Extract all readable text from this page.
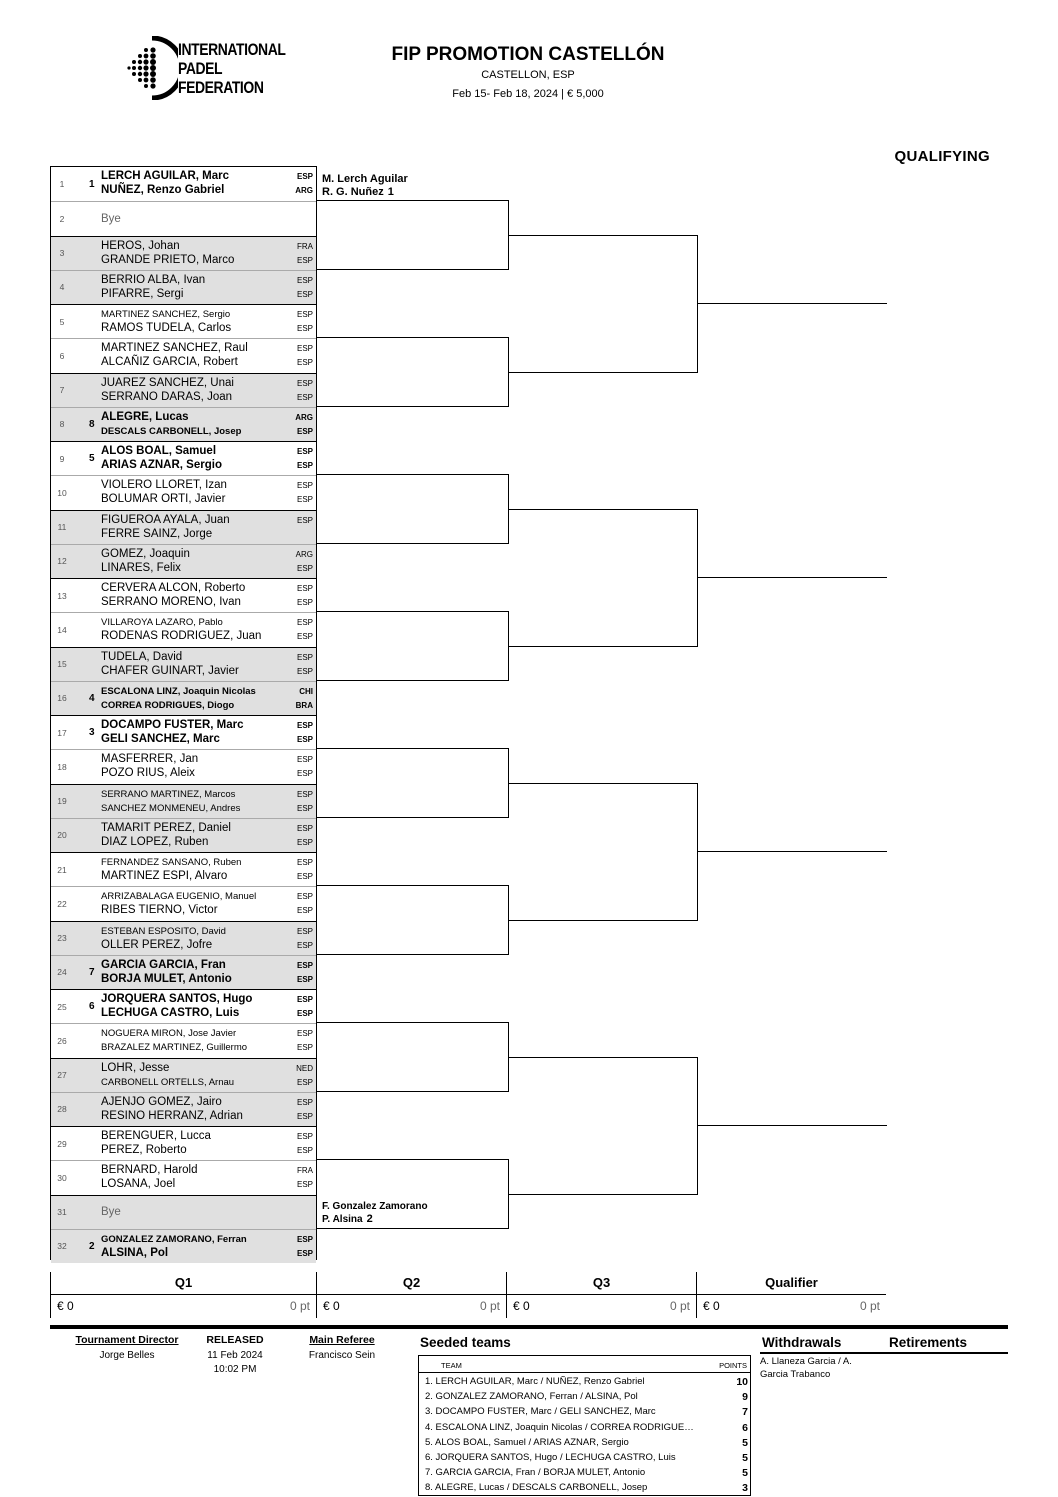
INTERNATIONAL
PADEL
FEDERATION
FIP PROMOTION CASTELLÓN
CASTELLON, ESP
Feb 15- Feb 18, 2024 | € 5,000
QUALIFYING
1	1
LERCH AGUILAR, Marc	ESP
NUÑEZ, Renzo Gabriel	ARG
2	Bye
3
HEROS, Johan	FRA
GRANDE PRIETO, Marco	ESP
4
BERRIO ALBA, Ivan	ESP
PIFARRE, Sergi	ESP
5
MARTINEZ SANCHEZ, Sergio	ESP
RAMOS TUDELA, Carlos	ESP
6
MARTINEZ SANCHEZ, Raul	ESP
ALCAÑIZ GARCIA, Robert	ESP
7
JUAREZ SANCHEZ, Unai	ESP
SERRANO DARAS, Joan	ESP
8	8
ALEGRE, Lucas	ARG
DESCALS CARBONELL, Josep	ESP
9	5
ALOS BOAL, Samuel	ESP
ARIAS AZNAR, Sergio	ESP
10
VIOLERO LLORET, Izan	ESP
BOLUMAR ORTI, Javier	ESP
11
FIGUEROA AYALA, Juan	ESP
FERRE SAINZ, Jorge
12
GOMEZ, Joaquin	ARG
LINARES, Felix	ESP
13
CERVERA ALCON, Roberto	ESP
SERRANO MORENO, Ivan	ESP
14
VILLAROYA LAZARO, Pablo	ESP
RODENAS RODRIGUEZ, Juan	ESP
15
TUDELA, David	ESP
CHAFER GUINART, Javier	ESP
16	4
ESCALONA LINZ, Joaquin Nicolas	CHI
CORREA RODRIGUES, Diogo	BRA
17	3
DOCAMPO FUSTER, Marc	ESP
GELI SANCHEZ, Marc	ESP
18
MASFERRER, Jan	ESP
POZO RIUS, Aleix	ESP
19
SERRANO MARTINEZ, Marcos	ESP
SANCHEZ MONMENEU, Andres	ESP
20
TAMARIT PEREZ, Daniel	ESP
DIAZ LOPEZ, Ruben	ESP
21
FERNANDEZ SANSANO, Ruben	ESP
MARTINEZ ESPI, Alvaro	ESP
22
ARRIZABALAGA EUGENIO, Manuel	ESP
RIBES TIERNO, Victor	ESP
23
ESTEBAN ESPOSITO, David	ESP
OLLER PEREZ, Jofre	ESP
24	7
GARCIA GARCIA, Fran	ESP
BORJA MULET, Antonio	ESP
25	6
JORQUERA SANTOS, Hugo	ESP
LECHUGA CASTRO, Luis	ESP
26
NOGUERA MIRON, Jose Javier	ESP
BRAZALEZ MARTINEZ, Guillermo	ESP
27
LOHR, Jesse	NED
CARBONELL ORTELLS, Arnau	ESP
28
AJENJO GOMEZ, Jairo	ESP
RESINO HERRANZ, Adrian	ESP
29
BERENGUER, Lucca	ESP
PEREZ, Roberto	ESP
30
BERNARD, Harold	FRA
LOSANA, Joel	ESP
31	Bye
32	2
GONZALEZ ZAMORANO, Ferran	ESP
ALSINA, Pol	ESP
M. Lerch Aguilar
R. G. Nuñez 1
F. Gonzalez Zamorano
P. Alsina 2
Q1
€ 0	0 pt
Q2
€ 0	0 pt
Q3
€ 0	0 pt
Qualifier
€ 0	0 pt
Tournament Director
Jorge Belles
RELEASED
11 Feb 2024
10:02 PM
Main Referee
Francisco Sein
Seeded teams
TEAM	POINTS
1. LERCH AGUILAR, Marc / NUÑEZ, Renzo Gabriel	10
2. GONZALEZ ZAMORANO, Ferran / ALSINA, Pol	9
3. DOCAMPO FUSTER, Marc / GELI SANCHEZ, Marc	7
4. ESCALONA LINZ, Joaquin Nicolas / CORREA RODRIGUE…	6
5. ALOS BOAL, Samuel / ARIAS AZNAR, Sergio	5
6. JORQUERA SANTOS, Hugo / LECHUGA CASTRO, Luis	5
7. GARCIA GARCIA, Fran / BORJA MULET, Antonio	5
8. ALEGRE, Lucas / DESCALS CARBONELL, Josep	3
Withdrawals	Retirements
A. Llaneza Garcia / A. Garcia Trabanco
